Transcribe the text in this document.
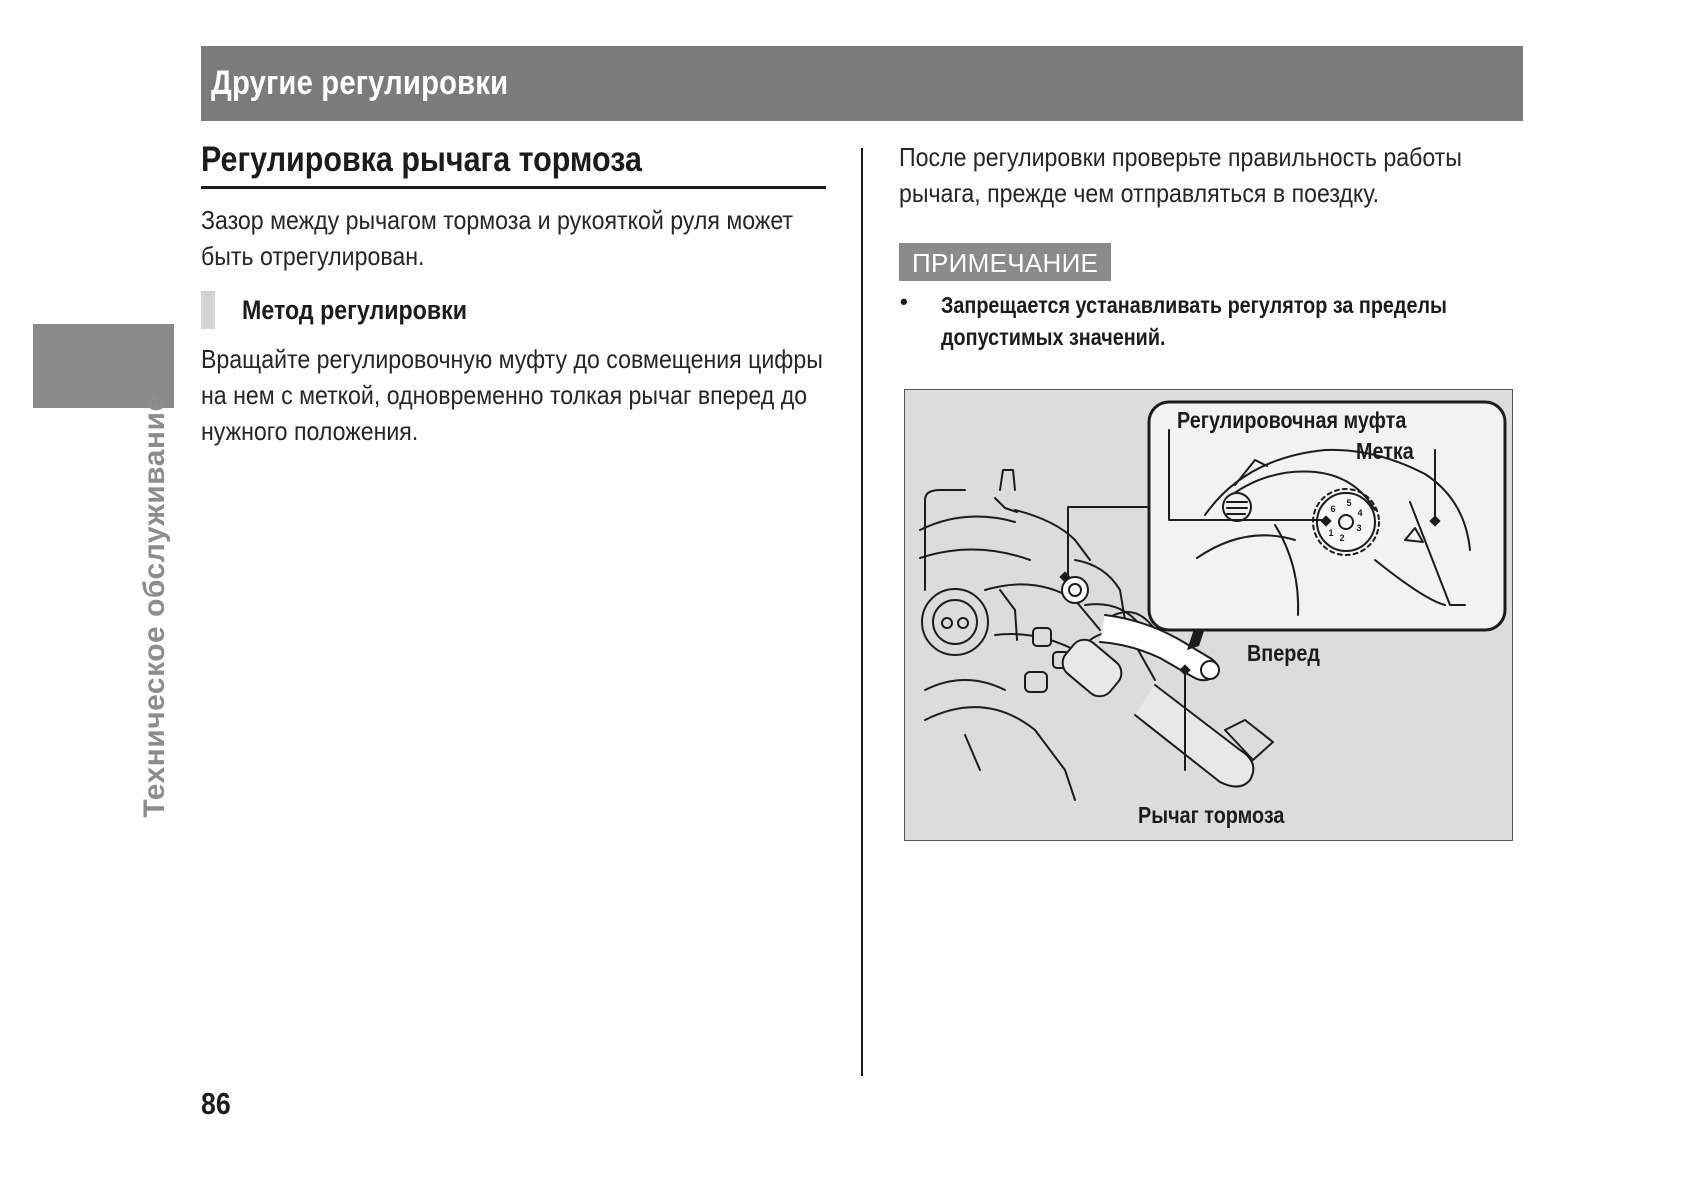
Другие регулировки
Техническое обслуживание
Регулировка рычага тормоза

Зазор между рычагом тормоза и рукояткой руля может быть отрегулирован.

Метод регулировки

Вращайте регулировочную муфту до совмещения цифры на нем с меткой, одновременно толкая рычаг вперед до нужного положения.

После регулировки проверьте правильность работы рычага, прежде чем отправляться в поездку.

ПРИМЕЧАНИЕ
• Запрещается устанавливать регулятор за пределы допустимых значений.

1 2
3
4
5
6
Регулировочная муфта
Метка
Вперед
Рычаг тормоза
86
